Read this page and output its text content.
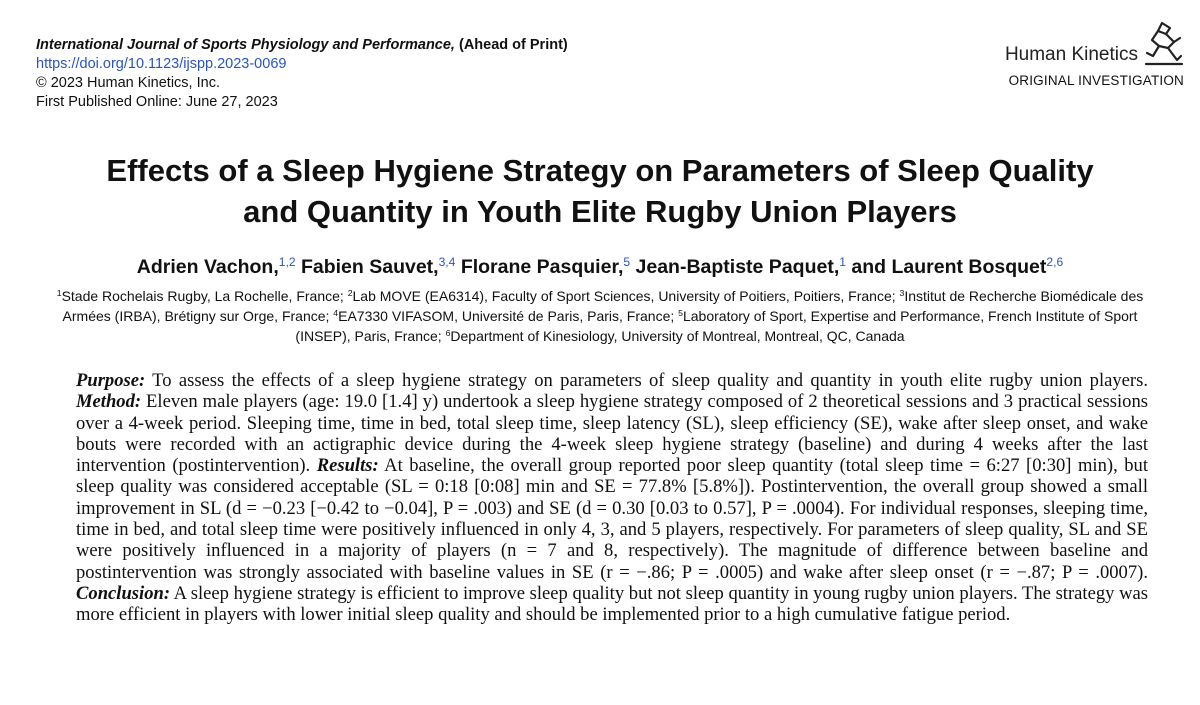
International Journal of Sports Physiology and Performance, (Ahead of Print)
https://doi.org/10.1123/ijspp.2023-0069
© 2023 Human Kinetics, Inc.
First Published Online: June 27, 2023
Human Kinetics
ORIGINAL INVESTIGATION
Effects of a Sleep Hygiene Strategy on Parameters of Sleep Quality
and Quantity in Youth Elite Rugby Union Players
Adrien Vachon,$^{1,2}$ Fabien Sauvet,$^{3,4}$ Florane Pasquier,$^5$ Jean-Baptiste Paquet,$^1$ and Laurent Bosquet$^{2,6}$
$^1$Stade Rochelais Rugby, La Rochelle, France; $^2$Lab MOVE (EA6314), Faculty of Sport Sciences, University of Poitiers, Poitiers, France; $^3$Institut de Recherche Biomédicale des Armées (IRBA), Brétigny sur Orge, France; $^4$EA7330 VIFASOM, Université de Paris, Paris, France; $^5$Laboratory of Sport, Expertise and Performance, French Institute of Sport (INSEP), Paris, France; $^6$Department of Kinesiology, University of Montreal, Montreal, QC, Canada

Purpose: To assess the effects of a sleep hygiene strategy on parameters of sleep quality and quantity in youth elite rugby union players. Method: Eleven male players (age: 19.0 [1.4] y) undertook a sleep hygiene strategy composed of 2 theoretical sessions and 3 practical sessions over a 4-week period. Sleeping time, time in bed, total sleep time, sleep latency (SL), sleep efficiency (SE), wake after sleep onset, and wake bouts were recorded with an actigraphic device during the 4-week sleep hygiene strategy (baseline) and during 4 weeks after the last intervention (postintervention). Results: At baseline, the overall group reported poor sleep quantity (total sleep time = 6:27 [0:30] min), but sleep quality was considered acceptable (SL = 0:18 [0:08] min and SE = 77.8% [5.8%]). Postintervention, the overall group showed a small improvement in SL (d = −0.23 [−0.42 to −0.04], P = .003) and SE (d = 0.30 [0.03 to 0.57], P = .0004). For individual responses, sleeping time, time in bed, and total sleep time were positively influenced in only 4, 3, and 5 players, respectively. For parameters of sleep quality, SL and SE were positively influenced in a majority of players (n = 7 and 8, respectively). The magnitude of difference between baseline and postintervention was strongly associated with baseline values in SE (r = −.86; P = .0005) and wake after sleep onset (r = −.87; P = .0007). Conclusion: A sleep hygiene strategy is efficient to improve sleep quality but not sleep quantity in young rugby union players. The strategy was more efficient in players with lower initial sleep quality and should be implemented prior to a high cumulative fatigue period.
